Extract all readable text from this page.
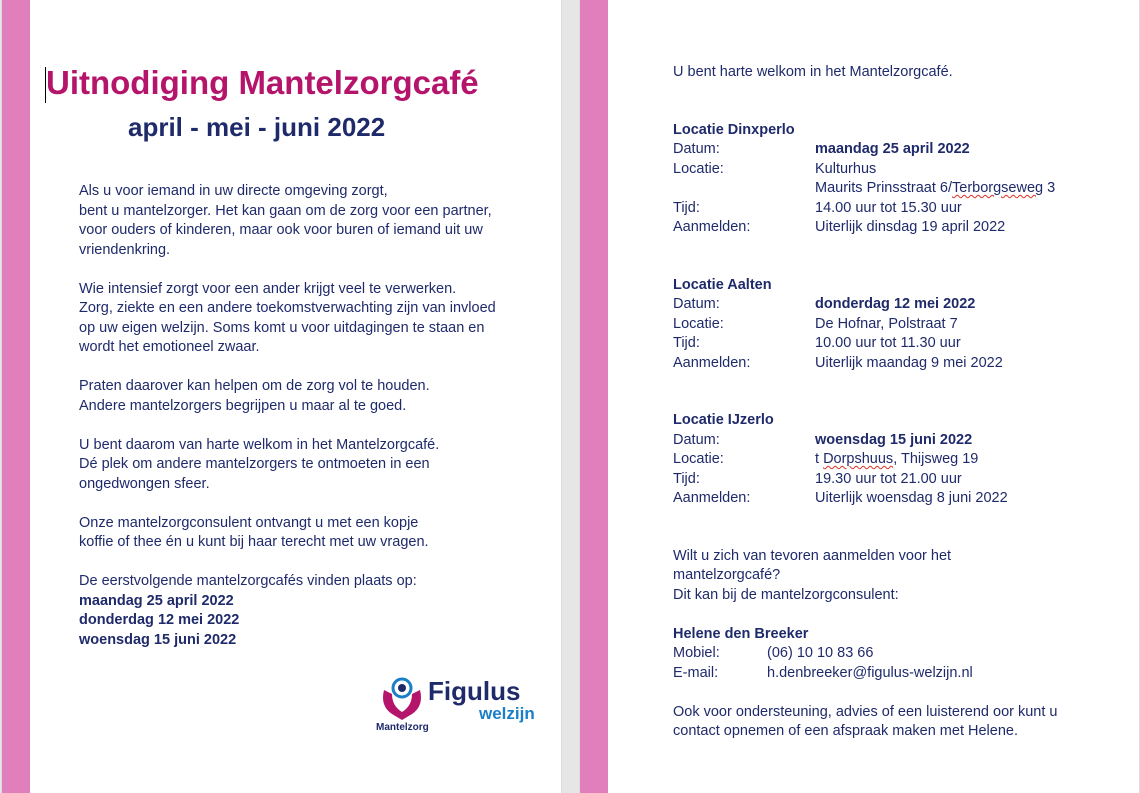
Uitnodiging Mantelzorgcafé
april - mei - juni 2022

Als u voor iemand in uw directe omgeving zorgt,

bent u mantelzorger. Het kan gaan om de zorg voor een partner,

voor ouders of kinderen, maar ook voor buren of iemand uit uw

vriendenkring.

Wie intensief zorgt voor een ander krijgt veel te verwerken.

Zorg, ziekte en een andere toekomstverwachting zijn van invloed

op uw eigen welzijn. Soms komt u voor uitdagingen te staan en

wordt het emotioneel zwaar.

Praten daarover kan helpen om de zorg vol te houden.

Andere mantelzorgers begrijpen u maar al te goed.

U bent daarom van harte welkom in het Mantelzorgcafé.

Dé plek om andere mantelzorgers te ontmoeten in een

ongedwongen sfeer.

Onze mantelzorgconsulent ontvangt u met een kopje

koffie of thee én u kunt bij haar terecht met uw vragen.

De eerstvolgende mantelzorgcafés vinden plaats op:

maandag 25 april 2022

donderdag 12 mei 2022

woensdag 15 juni 2022

Figulus
welzijn
Mantelzorg

U bent harte welkom in het Mantelzorgcafé.

Locatie Dinxperlo

Datum:	maandag 25 april 2022
Locatie:	Kulturhus
Maurits Prinsstraat 6/Terborgseweg 3
Tijd:	14.00 uur tot 15.30 uur
Aanmelden:	Uiterlijk dinsdag 19 april 2022

Locatie Aalten

Datum:	donderdag 12 mei 2022
Locatie:	De Hofnar, Polstraat 7
Tijd:	10.00 uur tot 11.30 uur
Aanmelden:	Uiterlijk maandag 9 mei 2022

Locatie IJzerlo

Datum:	woensdag 15 juni 2022
Locatie:	t Dorpshuus, Thijsweg 19
Tijd:	19.30 uur tot 21.00 uur
Aanmelden:	Uiterlijk woensdag 8 juni 2022

Wilt u zich van tevoren aanmelden voor het

mantelzorgcafé?

Dit kan bij de mantelzorgconsulent:

Helene den Breeker

Mobiel:	(06) 10 10 83 66
E-mail:	h.denbreeker@figulus-welzijn.nl

Ook voor ondersteuning, advies of een luisterend oor kunt u

contact opnemen of een afspraak maken met Helene.
